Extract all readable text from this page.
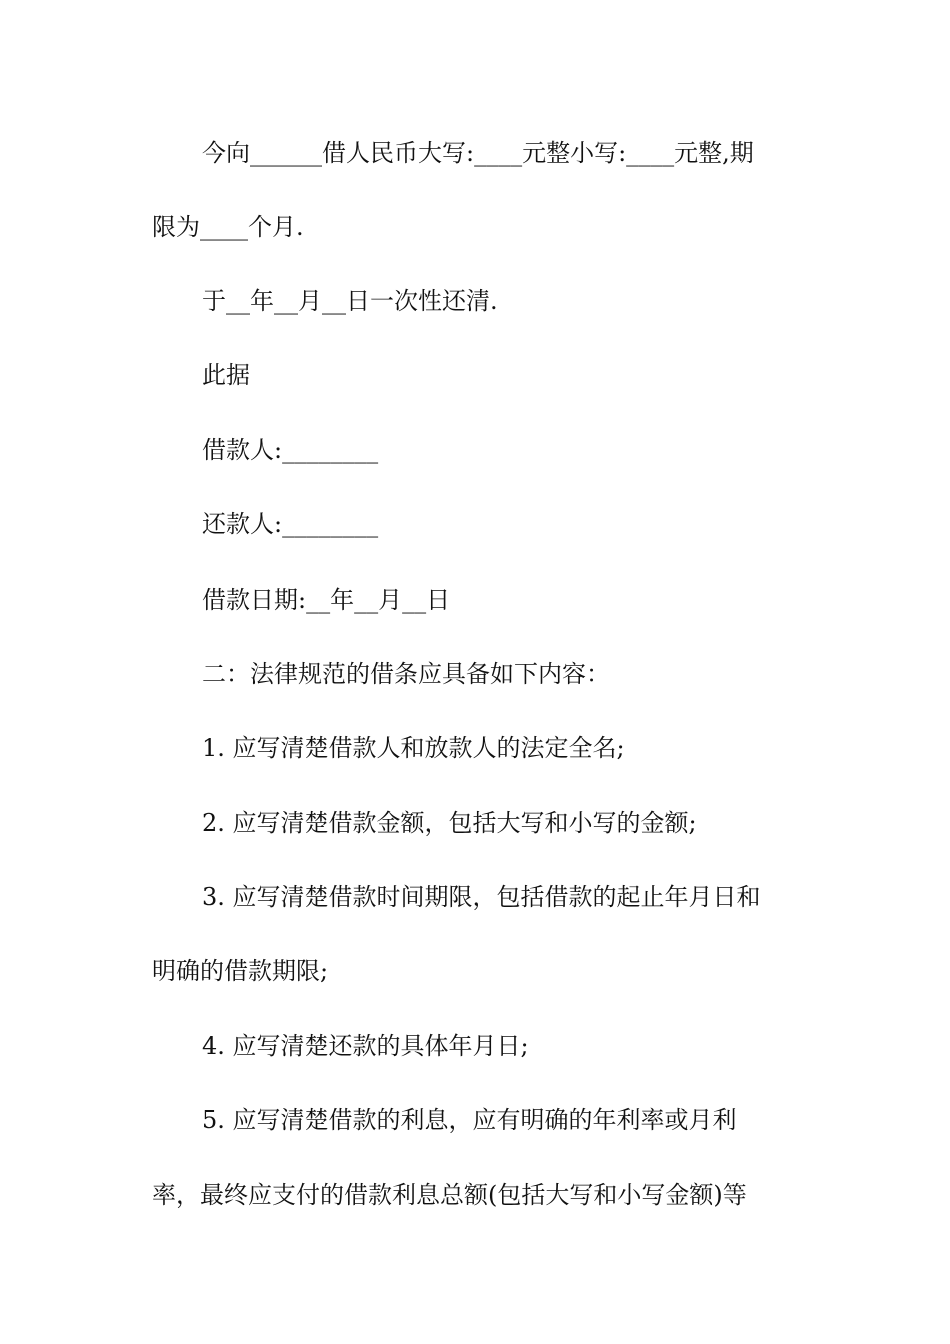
今向______借人民币大写:____元整小写:____元整,期
限为____个月.
于__年__月__日一次性还清.
此据
借款人:________
还款人:________
借款日期:__年__月__日
二：法律规范的借条应具备如下内容：
1. 应写清楚借款人和放款人的法定全名;
2. 应写清楚借款金额，包括大写和小写的金额;
3. 应写清楚借款时间期限，包括借款的起止年月日和
明确的借款期限;
4. 应写清楚还款的具体年月日;
5. 应写清楚借款的利息，应有明确的年利率或月利
率，最终应支付的借款利息总额(包括大写和小写金额)等
